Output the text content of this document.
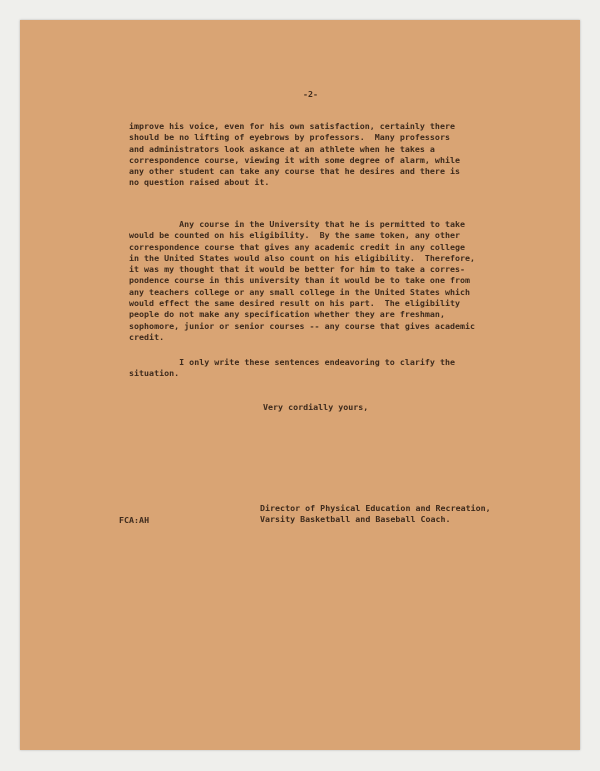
-2-

improve his voice, even for his own satisfaction, certainly there
should be no lifting of eyebrows by professors.  Many professors
and administrators look askance at an athlete when he takes a
correspondence course, viewing it with some degree of alarm, while
any other student can take any course that he desires and there is
no question raised about it.

Any course in the University that he is permitted to take
would be counted on his eligibility.  By the same token, any other
correspondence course that gives any academic credit in any college
in the United States would also count on his eligibility.  Therefore,
it was my thought that it would be better for him to take a corres-
pondence course in this university than it would be to take one from
any teachers college or any small college in the United States which
would effect the same desired result on his part.  The eligibility
people do not make any specification whether they are freshman,
sophomore, junior or senior courses -- any course that gives academic
credit.

I only write these sentences endeavoring to clarify the
situation.

Very cordially yours,
Director of Physical Education and Recreation,
Varsity Basketball and Baseball Coach.
FCA:AH
